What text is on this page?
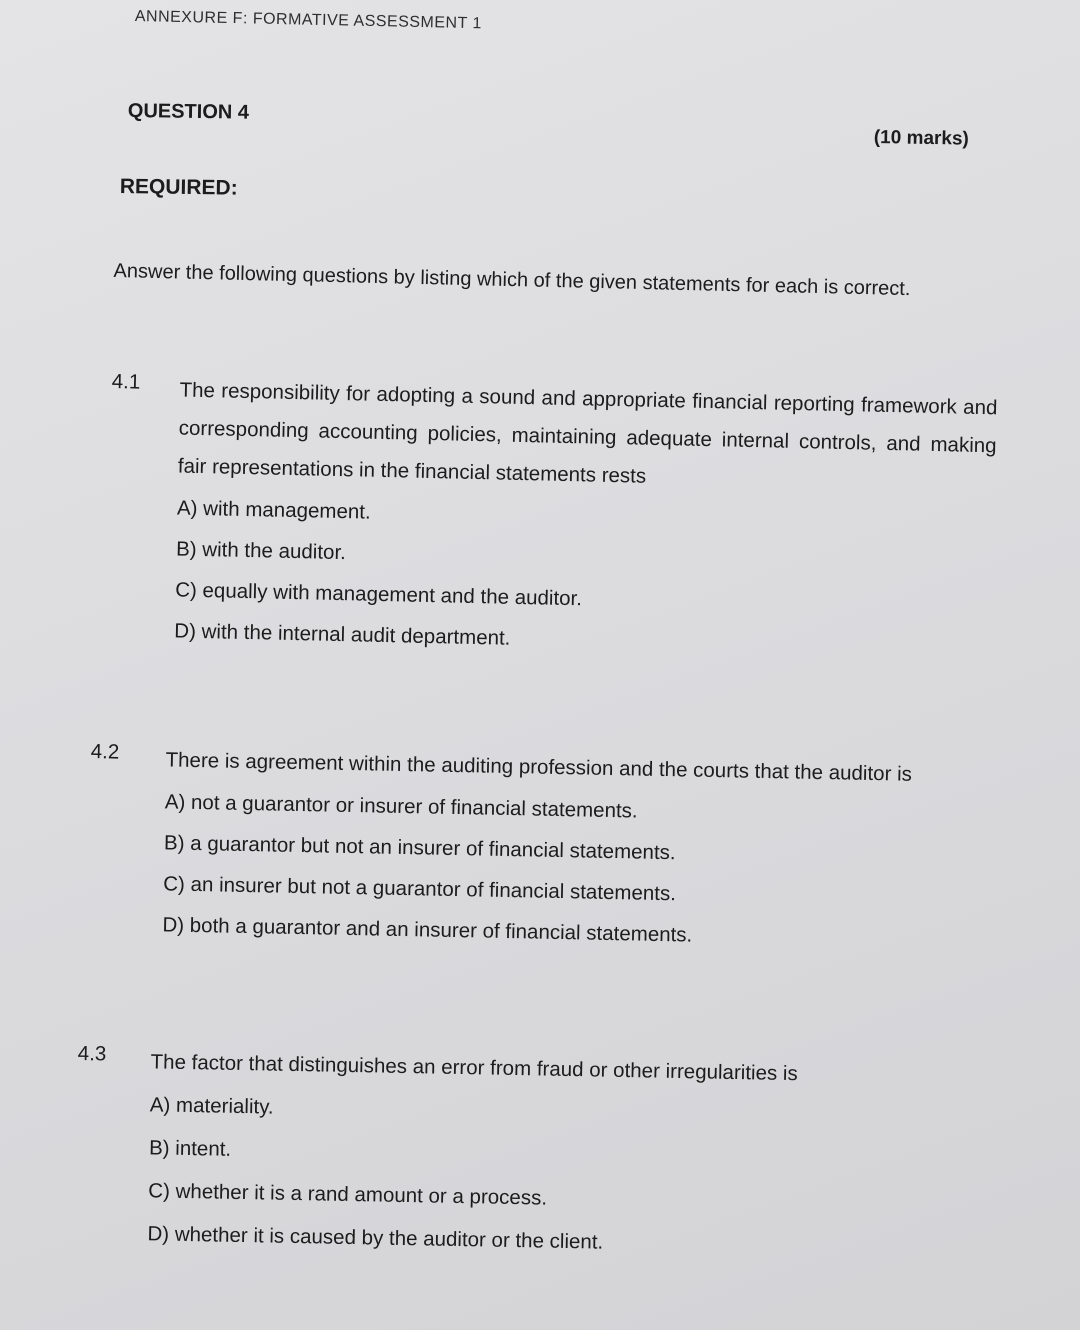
ANNEXURE F: FORMATIVE ASSESSMENT 1
QUESTION 4
(10 marks)
REQUIRED:
Answer the following questions by listing which of the given statements for each is correct.
4.1 The responsibility for adopting a sound and appropriate financial reporting framework and corresponding accounting policies, maintaining adequate internal controls, and making fair representations in the financial statements rests
A) with management.
B) with the auditor.
C) equally with management and the auditor.
D) with the internal audit department.
4.2 There is agreement within the auditing profession and the courts that the auditor is
A) not a guarantor or insurer of financial statements.
B) a guarantor but not an insurer of financial statements.
C) an insurer but not a guarantor of financial statements.
D) both a guarantor and an insurer of financial statements.
4.3 The factor that distinguishes an error from fraud or other irregularities is
A) materiality.
B) intent.
C) whether it is a rand amount or a process.
D) whether it is caused by the auditor or the client.
